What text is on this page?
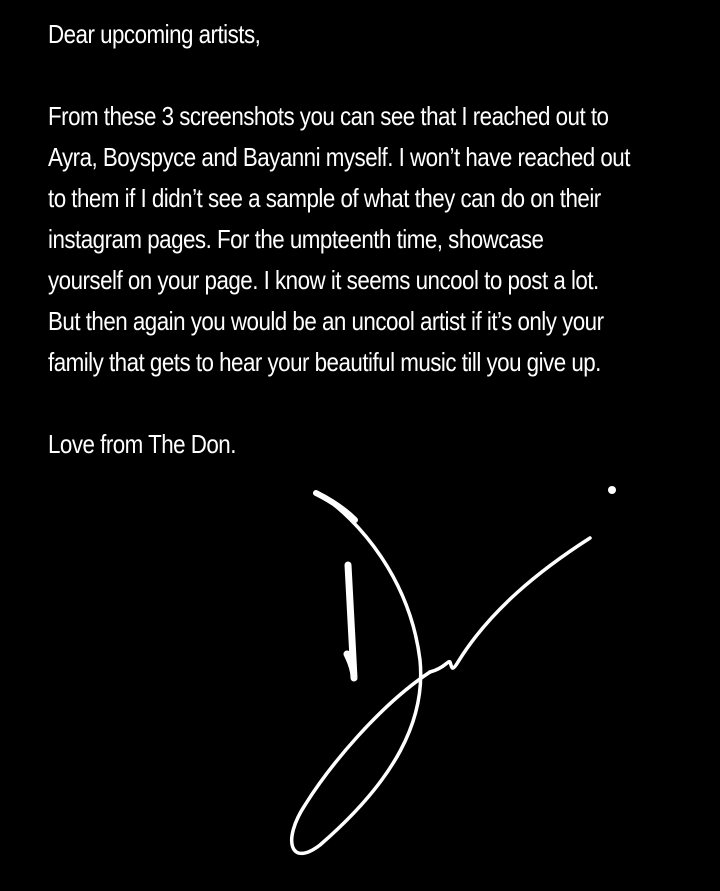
Dear upcoming artists,
From these 3 screenshots you can see that I reached out to
Ayra, Boyspyce and Bayanni myself. I won’t have reached out
to them if I didn’t see a sample of what they can do on their
instagram pages. For the umpteenth time, showcase
yourself on your page. I know it seems uncool to post a lot.
But then again you would be an uncool artist if it’s only your
family that gets to hear your beautiful music till you give up.
Love from The Don.
